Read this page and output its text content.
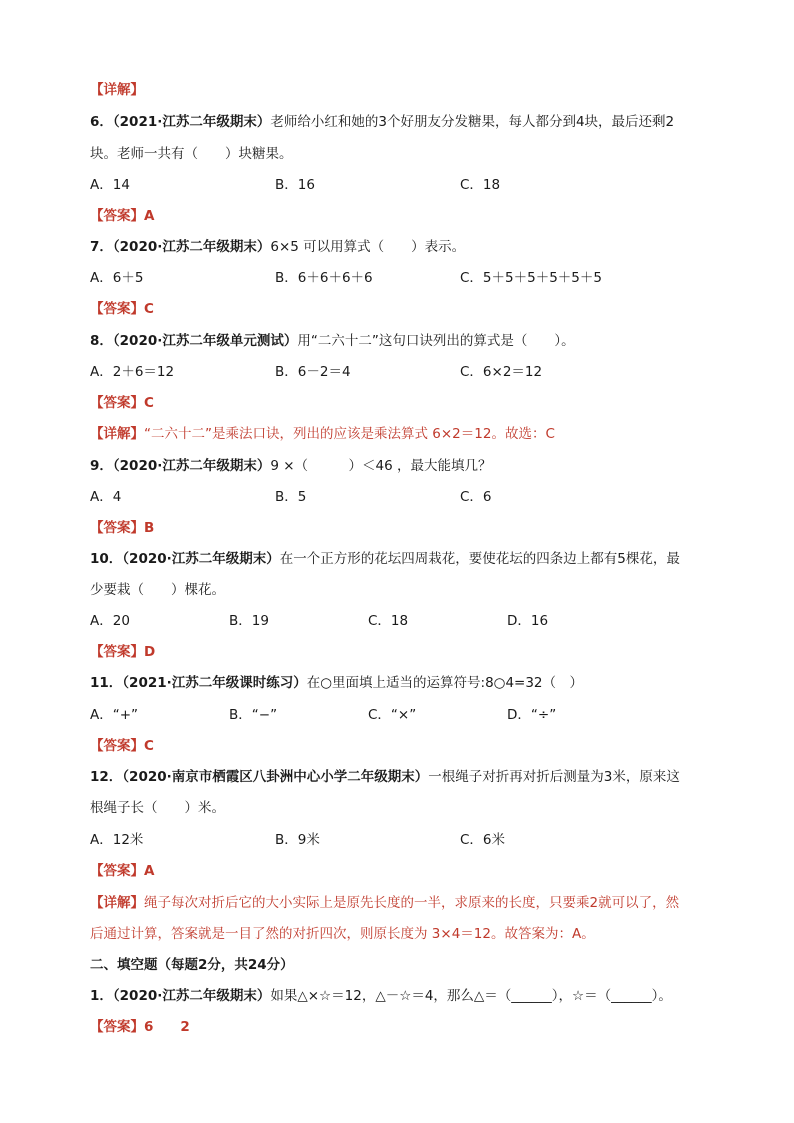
【详解】
6．（2021·江苏二年级期末）老师给小红和她的3个好朋友分发糖果，每人都分到4块，最后还剩2
块。老师一共有（　　）块糖果。
A．14	B．16	C．18
【答案】A
7．（2020·江苏二年级期末）6×5 可以用算式（　　）表示。
A．6＋5	B．6＋6＋6＋6	C．5＋5＋5＋5＋5＋5
【答案】C
8．（2020·江苏二年级单元测试）用“二六十二”这句口诀列出的算式是（　　）。
A．2＋6＝12	B．6－2＝4	C．6×2＝12
【答案】C
【详解】“二六十二”是乘法口诀，列出的应该是乘法算式 6×2＝12。故选：C
9．（2020·江苏二年级期末）9 ×（　　　）＜46 ，最大能填几？
A．4	B．5	C．6
【答案】B
10．（2020·江苏二年级期末）在一个正方形的花坛四周栽花，要使花坛的四条边上都有5棵花，最
少要栽（　　）棵花。
A．20	B．19	C．18	D．16
【答案】D
11．（2021·江苏二年级课时练习）在○里面填上适当的运算符号:8○4=32（　）
A．“+”	B．“−”	C．“×”	D．“÷”
【答案】C
12．（2020·南京市栖霞区八卦洲中心小学二年级期末）一根绳子对折再对折后测量为3米，原来这
根绳子长（　　）米。
A．12米	B．9米	C．6米
【答案】A
【详解】绳子每次对折后它的大小实际上是原先长度的一半，求原来的长度，只要乘2就可以了，然
后通过计算，答案就是一目了然的对折四次，则原长度为 3×4＝12。故答案为：A。
二、填空题（每题2分，共24分）
1．（2020·江苏二年级期末）如果△×☆＝12，△－☆＝4，那么△＝（______），☆＝（______）。
【答案】6　　2
